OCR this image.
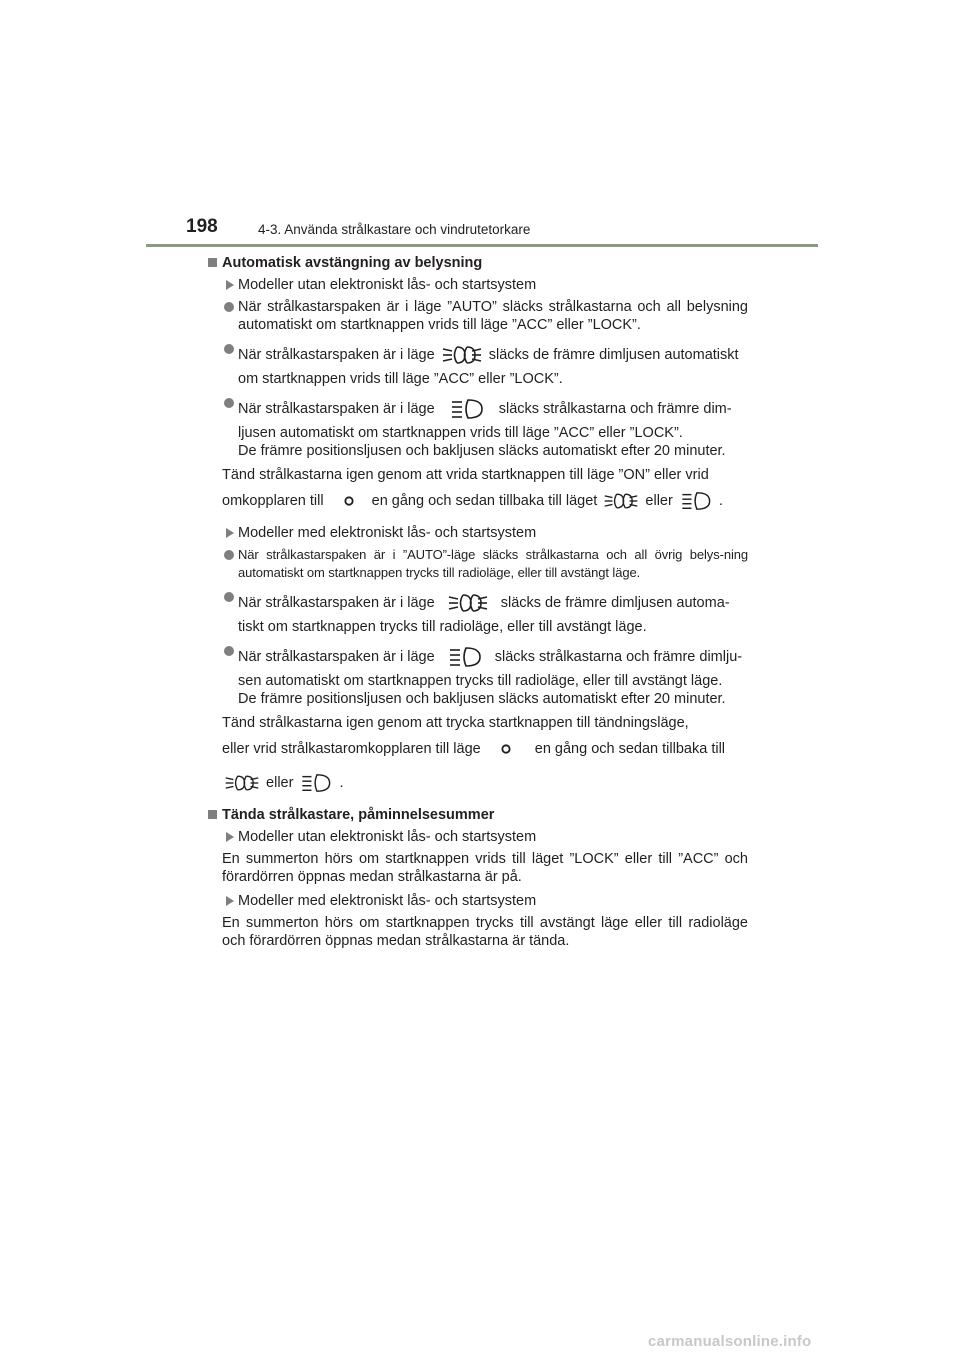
198	4-3. Använda strålkastare och vindrutetorkare
Automatisk avstängning av belysning
Modeller utan elektroniskt lås- och startsystem
När strålkastarspaken är i läge ”AUTO” släcks strålkastarna och all belysning automatiskt om startknappen vrids till läge ”ACC” eller ”LOCK”.
När strålkastarspaken är i läge	släcks de främre dimljusen automatiskt
om startknappen vrids till läge ”ACC” eller ”LOCK”.
När strålkastarspaken är i läge	släcks strålkastarna och främre dim-
ljusen automatiskt om startknappen vrids till läge ”ACC” eller ”LOCK”.
De främre positionsljusen och bakljusen släcks automatiskt efter 20 minuter.
Tänd strålkastarna igen genom att vrida startknappen till läge ”ON” eller vrid
omkopplaren till	en gång och sedan tillbaka till läget	eller	.
Modeller med elektroniskt lås- och startsystem
När strålkastarspaken är i ”AUTO”-läge släcks strålkastarna och all övrig belys-ning automatiskt om startknappen trycks till radioläge, eller till avstängt läge.
När strålkastarspaken är i läge	släcks de främre dimljusen automa-
tiskt om startknappen trycks till radioläge, eller till avstängt läge.
När strålkastarspaken är i läge	släcks strålkastarna och främre dimlju-
sen automatiskt om startknappen trycks till radioläge, eller till avstängt läge.
De främre positionsljusen och bakljusen släcks automatiskt efter 20 minuter.
Tänd strålkastarna igen genom att trycka startknappen till tändningsläge,
eller vrid strålkastaromkopplaren till läge	en gång och sedan tillbaka till
eller	.
Tända strålkastare, påminnelsesummer
Modeller utan elektroniskt lås- och startsystem
En summerton hörs om startknappen vrids till läget ”LOCK” eller till ”ACC” och förardörren öppnas medan strålkastarna är på.
Modeller med elektroniskt lås- och startsystem
En summerton hörs om startknappen trycks till avstängt läge eller till radioläge och förardörren öppnas medan strålkastarna är tända.
carmanualsonline.info
